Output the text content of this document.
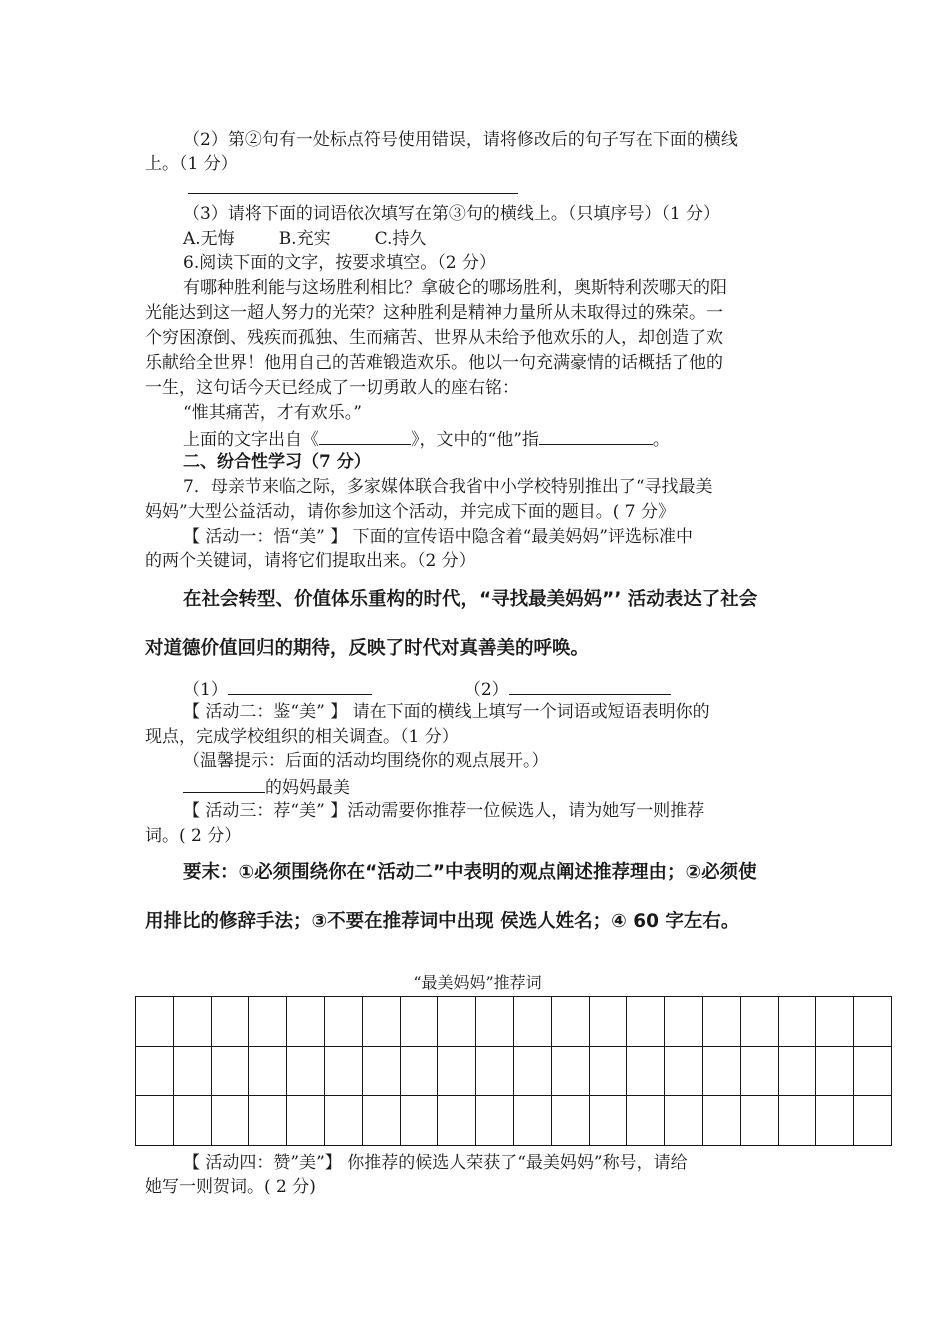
（2）第②句有一处标点符号使用错误，请将修改后的句子写在下面的横线
上。（1 分）
（3）请将下面的词语依次填写在第③句的横线上。（只填序号）（1 分）
A.无悔	B.充实	C.持久
6.阅读下面的文字，按要求填空。（2 分）
有哪种胜利能与这场胜利相比？拿破仑的哪场胜利，奥斯特利茨哪天的阳
光能达到这一超人努力的光荣？这种胜利是精神力量所从未取得过的殊荣。一
个穷困潦倒、残疾而孤独、生而痛苦、世界从未给予他欢乐的人，却创造了欢
乐献给全世界！他用自己的苦难锻造欢乐。他以一句充满豪情的话概括了他的
一生，这句话今天已经成了一切勇敢人的座右铭：
“惟其痛苦，才有欢乐。”
上面的文字出自《	》，文中的“他”指	。
二、纷合性学习（7 分）
7．母亲节来临之际，多家媒体联合我省中小学校特别推出了“寻找最美
妈妈”大型公益活动，请你参加这个活动，并完成下面的题目。( 7 分》
【 活动一：悟“美” 】 下面的宣传语中隐含着“最美妈妈”评选标准中
的两个关键词，请将它们提取出来。（2 分）
在社会转型、价值体乐重构的时代，“寻找最美妈妈”’ 活动表达了社会
对道德价值回归的期待，反映了时代对真善美的呼唤。
（1）	（2）
【 活动二：鉴“美” 】 请在下面的横线上填写一个词语或短语表明你的
现点，完成学校组织的相关调查。（1 分）
（温馨提示：后面的活动均围绕你的观点展开。）
的妈妈最美
【 活动三：荐“美” 】活动需要你推荐一位候选人，请为她写一则推荐
词。( 2 分）
要末：①必须围绕你在“活动二”中表明的观点阐述推荐理由；②必须使
用排比的修辞手法；③不要在推荐词中出现 侯选人姓名；④ 60 字左右。
“最美妈妈”推荐词

【 活动四：赞”美”】 你推荐的候选人荣获了“最美妈妈”称号，请给
她写一则贺词。( 2 分)
